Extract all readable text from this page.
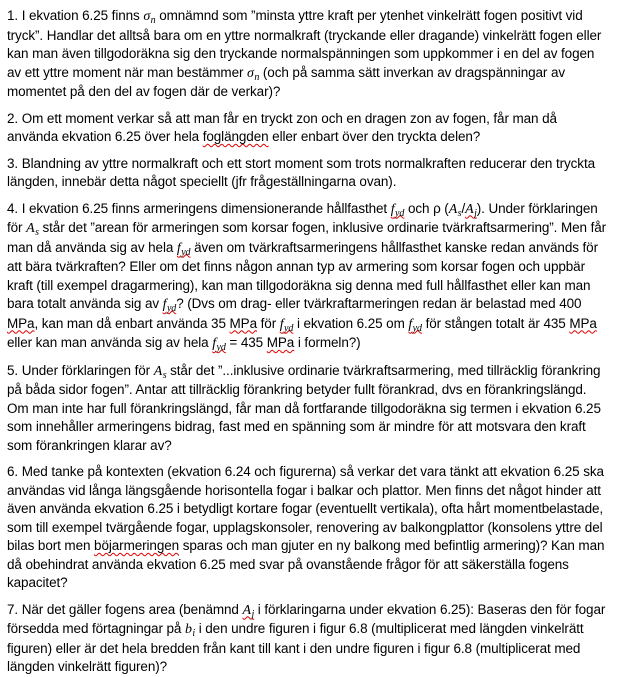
1. I ekvation 6.25 finns $\sigma_n$ omnämnd som ”minsta yttre kraft per ytenhet vinkelrätt fogen positivt vid tryck”. Handlar det alltså bara om en yttre normalkraft (tryckande eller dragande) vinkelrätt fogen eller kan man även tillgodoräkna sig den tryckande normalspänningen som uppkommer i en del av fogen av ett yttre moment när man bestämmer $\sigma_n$ (och på samma sätt inverkan av dragspänningar av momentet på den del av fogen där de verkar)?

2. Om ett moment verkar så att man får en tryckt zon och en dragen zon av fogen, får man då använda ekvation 6.25 över hela foglängden eller enbart över den tryckta delen?

3. Blandning av yttre normalkraft och ett stort moment som trots normalkraften reducerar den tryckta längden, innebär detta något speciellt (jfr frågeställningarna ovan).

4. I ekvation 6.25 finns armeringens dimensionerande hållfasthet $f_{yd}$ och ρ $(A_s/A_j)$. Under förklaringen för $A_s$ står det ”arean för armeringen som korsar fogen, inklusive ordinarie tvärkraftsarmering”. Men får man då använda sig av hela $f_{yd}$ även om tvärkraftsarmeringens hållfasthet kanske redan används för att bära tvärkraften? Eller om det finns någon annan typ av armering som korsar fogen och uppbär kraft (till exempel dragarmering), kan man tillgodoräkna sig denna med full hållfasthet eller kan man bara totalt använda sig av $f_{yd}$? (Dvs om drag- eller tvärkraftarmeringen redan är belastad med 400 MPa, kan man då enbart använda 35 MPa för $f_{yd}$ i ekvation 6.25 om $f_{yd}$ för stången totalt är 435 MPa eller kan man använda sig av hela $f_{yd} = 435$ MPa i formeln?)

5. Under förklaringen för $A_s$ står det ”...inklusive ordinarie tvärkraftsarmering, med tillräcklig förankring på båda sidor fogen”. Antar att tillräcklig förankring betyder fullt förankrad, dvs en förankringslängd. Om man inte har full förankringslängd, får man då fortfarande tillgodoräkna sig termen i ekvation 6.25 som innehåller armeringens bidrag, fast med en spänning som är mindre för att motsvara den kraft som förankringen klarar av?

6. Med tanke på kontexten (ekvation 6.24 och figurerna) så verkar det vara tänkt att ekvation 6.25 ska användas vid långa längsgående horisontella fogar i balkar och plattor. Men finns det något hinder att även använda ekvation 6.25 i betydligt kortare fogar (eventuellt vertikala), ofta hårt momentbelastade, som till exempel tvärgående fogar, upplagskonsoler, renovering av balkongplattor (konsolens yttre del bilas bort men böjarmeringen sparas och man gjuter en ny balkong med befintlig armering)? Kan man då obehindrat använda ekvation 6.25 med svar på ovanstående frågor för att säkerställa fogens kapacitet?

7. När det gäller fogens area (benämnd $A_j$ i förklaringarna under ekvation 6.25): Baseras den för fogar försedda med förtagningar på $b_i$ i den undre figuren i figur 6.8 (multiplicerat med längden vinkelrätt figuren) eller är det hela bredden från kant till kant i den undre figuren i figur 6.8 (multiplicerat med längden vinkelrätt figuren)?
